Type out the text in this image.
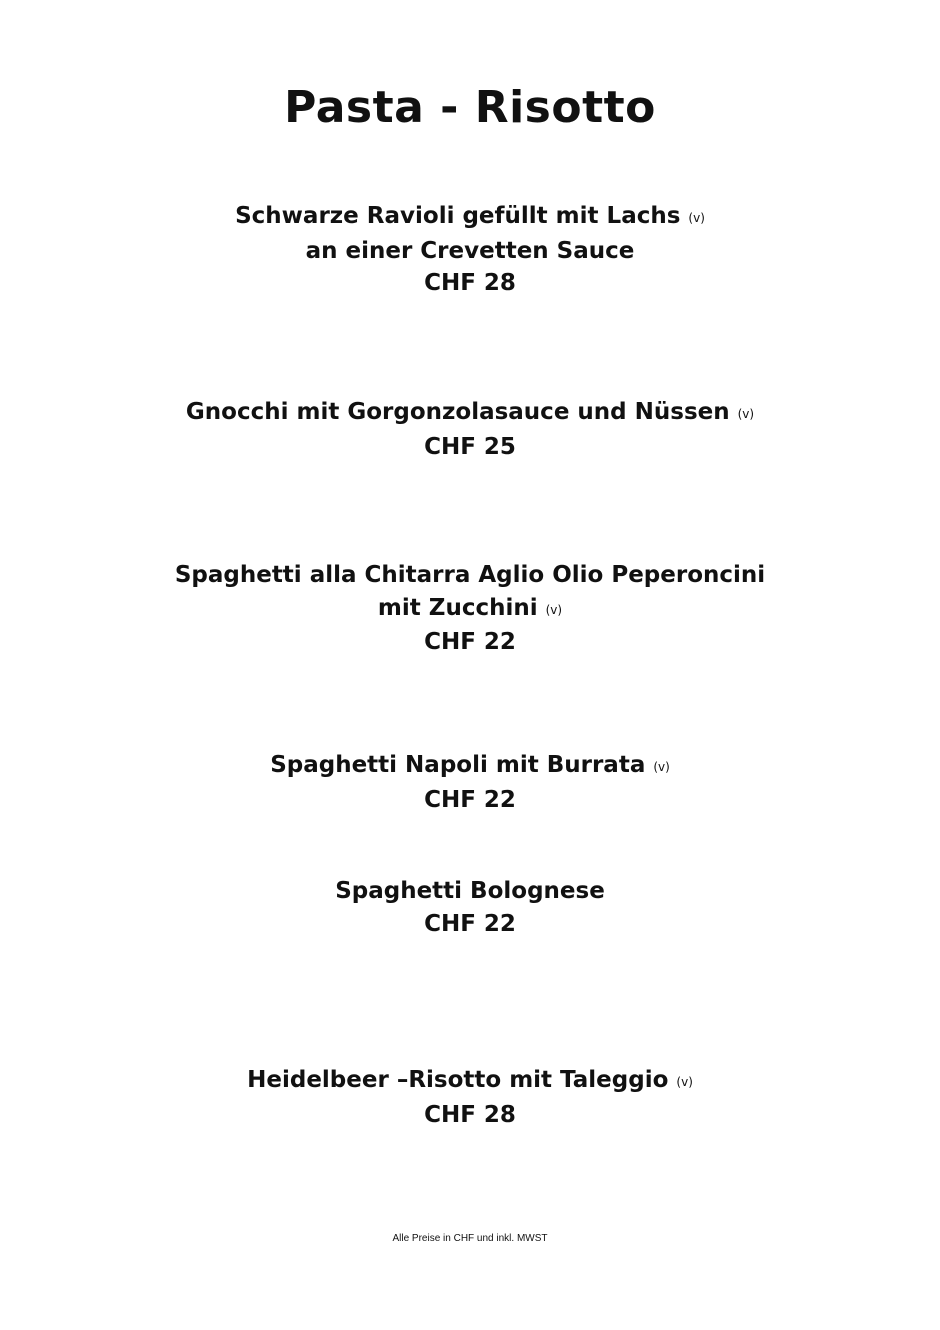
Pasta - Risotto
Schwarze Ravioli gefüllt mit Lachs (v)
an einer Crevetten Sauce
CHF 28
Gnocchi mit Gorgonzolasauce und Nüssen (v)
CHF 25
Spaghetti alla Chitarra Aglio Olio Peperoncini
mit Zucchini (v)
CHF 22
Spaghetti Napoli mit Burrata (v)
CHF 22
Spaghetti Bolognese
CHF 22
Heidelbeer –Risotto mit Taleggio (v)
CHF 28
Alle Preise in CHF und inkl. MWST
